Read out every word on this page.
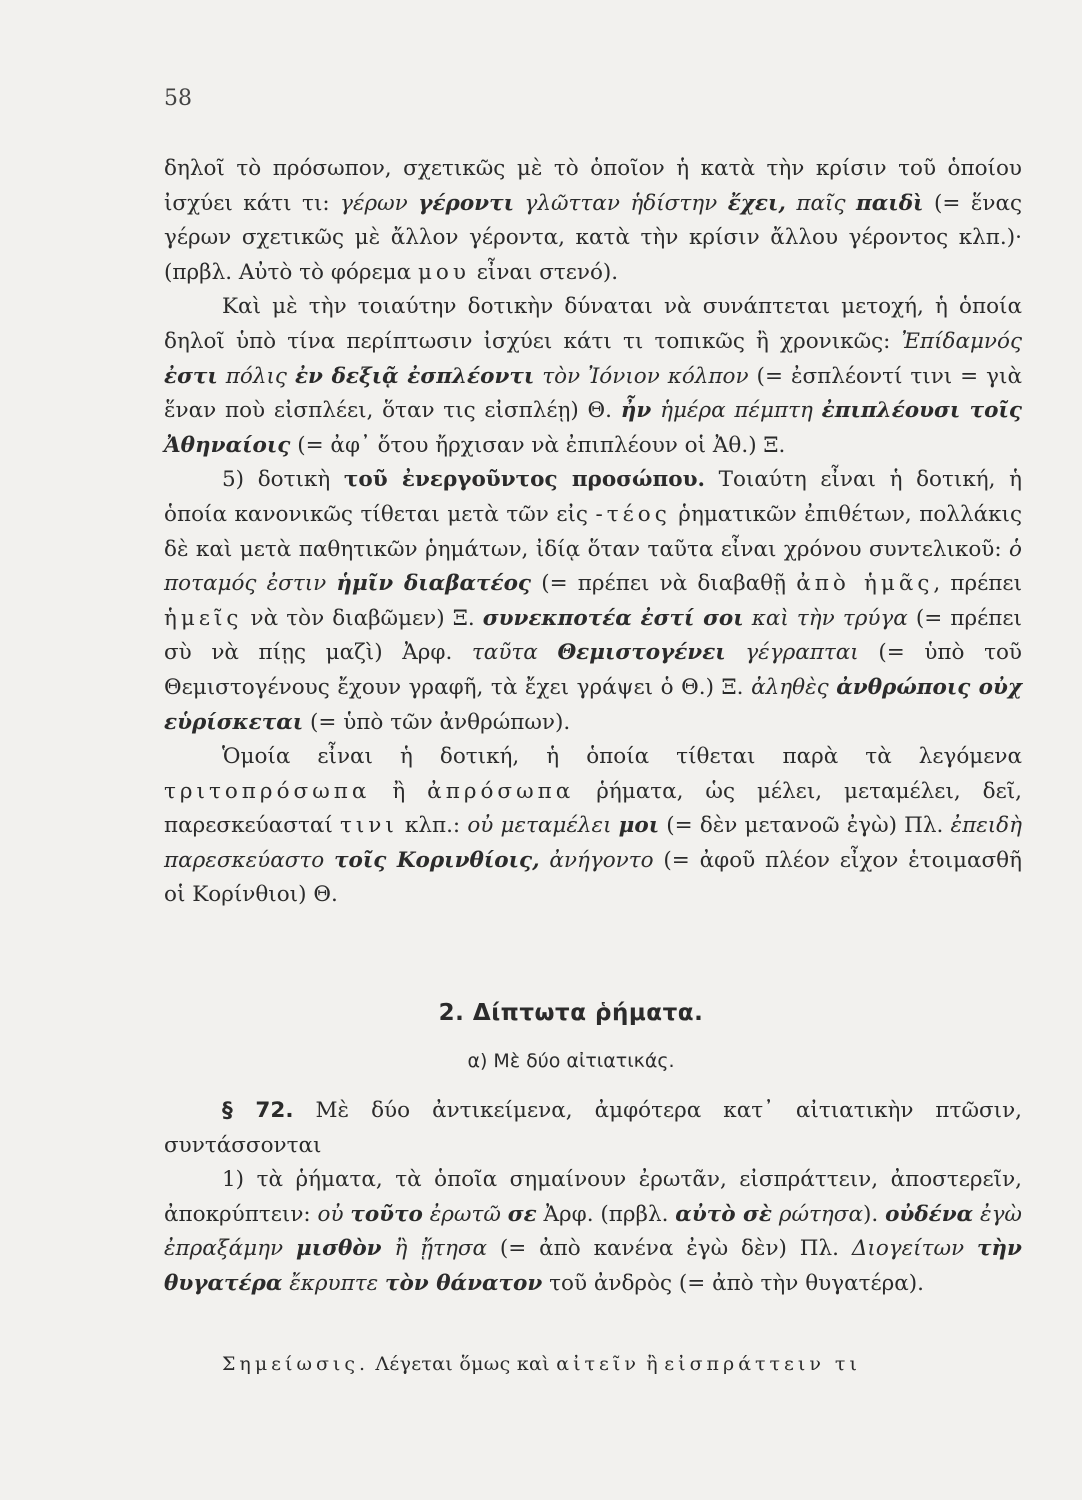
58

δηλοῖ τὸ πρόσωπον, σχετικῶς μὲ τὸ ὁποῖον ἡ κατὰ τὴν κρίσιν τοῦ ὁποίου ἰσχύει κάτι τι: γέρων γέροντι γλῶτταν ἡδίστην ἔχει, παῖς παιδὶ (= ἕνας γέρων σχετικῶς μὲ ἄλλον γέροντα, κατὰ τὴν κρίσιν ἄλλου γέροντος κλπ.)· (πρβλ. Αὐτὸ τὸ φόρεμα μου εἶναι στενό).

Καὶ μὲ τὴν τοιαύτην δοτικὴν δύναται νὰ συνάπτεται μετοχή, ἡ ὁποία δηλοῖ ὑπὸ τίνα περίπτωσιν ἰσχύει κάτι τι τοπικῶς ἢ χρονικῶς: Ἐπίδαμνός ἐστι πόλις ἐν δεξιᾷ ἐσπλέοντι τὸν Ἰόνιον κόλπον (= ἐσπλέοντί τινι = γιὰ ἕναν ποὺ εἰσπλέει, ὅταν τις εἰσπλέῃ) Θ. ἦν ἡμέρα πέμπτη ἐπιπλέουσι τοῖς Ἀθηναίοις (= ἀφ᾽ ὅτου ἤρχισαν νὰ ἐπιπλέουν οἱ Ἀθ.) Ξ.

5) δοτικὴ τοῦ ἐνεργοῦντος προσώπου. Τοιαύτη εἶναι ἡ δοτική, ἡ ὁποία κανονικῶς τίθεται μετὰ τῶν εἰς -τέος ῥηματικῶν ἐπιθέτων, πολλάκις δὲ καὶ μετὰ παθητικῶν ῥημάτων, ἰδίᾳ ὅταν ταῦτα εἶναι χρόνου συντελικοῦ: ὁ ποταμός ἐστιν ἡμῖν διαβατέος (= πρέπει νὰ διαβαθῇ ἀπὸ ἡμᾶς, πρέπει ἡμεῖς νὰ τὸν διαβῶμεν) Ξ. συνεκποτέα ἐστί σοι καὶ τὴν τρύγα (= πρέπει σὺ νὰ πίῃς μαζὶ) Ἀρφ. ταῦτα Θεμιστογένει γέγραπται (= ὑπὸ τοῦ Θεμιστογένους ἔχουν γραφῆ, τὰ ἔχει γράψει ὁ Θ.) Ξ. ἀληθὲς ἀνθρώποις οὐχ εὑρίσκεται (= ὑπὸ τῶν ἀνθρώπων).

Ὁμοία εἶναι ἡ δοτική, ἡ ὁποία τίθεται παρὰ τὰ λεγόμενα τριτοπρόσωπα ἢ ἀπρόσωπα ῥήματα, ὡς μέλει, μεταμέλει, δεῖ, παρεσκεύασταί τινι κλπ.: οὐ μεταμέλει μοι (= δὲν μετανοῶ ἐγὼ) Πλ. ἐπειδὴ παρεσκεύαστο τοῖς Κορινθίοις, ἀνήγοντο (= ἀφοῦ πλέον εἶχον ἑτοιμασθῆ οἱ Κορίνθιοι) Θ.

2. Δίπτωτα ῥήματα.
α) Μὲ δύο αἰτιατικάς.

§ 72. Μὲ δύο ἀντικείμενα, ἀμφότερα κατ᾽ αἰτιατικὴν πτῶσιν, συντάσσονται

1) τὰ ῥήματα, τὰ ὁποῖα σημαίνουν ἐρωτᾶν, εἰσπράττειν, ἀποστερεῖν, ἀποκρύπτειν: οὐ τοῦτο ἐρωτῶ σε Ἀρφ. (πρβλ. αὐτὸ σὲ ρώτησα). οὐδένα ἐγὼ ἐπραξάμην μισθὸν ἢ ᾔτησα (= ἀπὸ κανένα ἐγὼ δὲν) Πλ. Διογείτων τὴν θυγατέρα ἔκρυπτε τὸν θάνατον τοῦ ἀνδρὸς (= ἀπὸ τὴν θυγατέρα).

Σημείωσις. Λέγεται ὅμως καὶ αἰτεῖν ἢ εἰσπράττειν τι
